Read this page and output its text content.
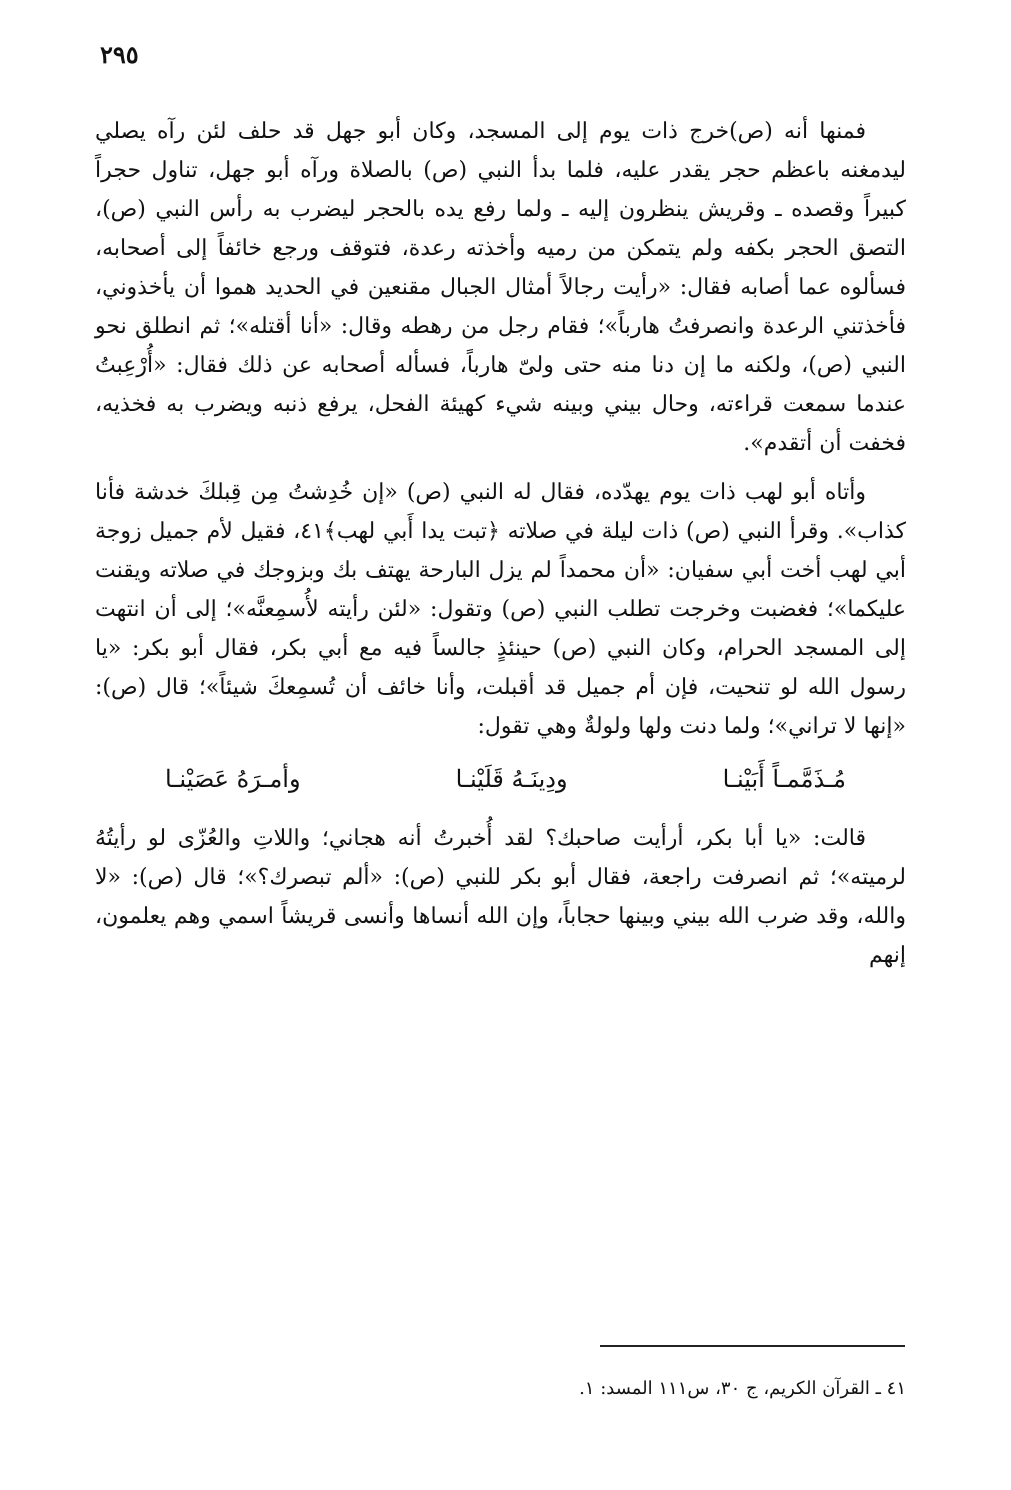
٢٩٥

فمنها أنه (ص)خرج ذات يوم إلى المسجد، وكان أبو جهل قد حلف لئن رآه يصلي ليدمغنه باعظم حجر يقدر عليه، فلما بدأ النبي (ص) بالصلاة ورآه أبو جهل، تناول حجراً كبيراً وقصده ـ وقريش ينظرون إليه ـ ولما رفع يده بالحجر ليضرب به رأس النبي (ص)، التصق الحجر بكفه ولم يتمكن من رميه وأخذته رعدة، فتوقف ورجع خائفاً إلى أصحابه، فسألوه عما أصابه فقال: «رأيت رجالاً أمثال الجبال مقنعين في الحديد هموا أن يأخذوني، فأخذتني الرعدة وانصرفتُ هارباً»؛ فقام رجل من رهطه وقال: «أنا أقتله»؛ ثم انطلق نحو النبي (ص)، ولكنه ما إن دنا منه حتى ولىّ هارباً، فسأله أصحابه عن ذلك فقال: «أُرْعِبتُ عندما سمعت قراءته، وحال بيني وبينه شيء كهيئة الفحل، يرفع ذنبه ويضرب به فخذيه، فخفت أن أتقدم».

وأتاه أبو لهب ذات يوم يهدّده، فقال له النبي (ص) «إن خُدِشتُ مِن قِبلكَ خدشة فأنا كذاب». وقرأ النبي (ص) ذات ليلة في صلاته ﴿تبت يدا أَبي لهب﴾٤١، فقيل لأم جميل زوجة أبي لهب أخت أبي سفيان: «أن محمداً لم يزل البارحة يهتف بك وبزوجك في صلاته ويقنت عليكما»؛ فغضبت وخرجت تطلب النبي (ص) وتقول: «لئن رأيته لأُسمِعنَّه»؛ إلى أن انتهت إلى المسجد الحرام، وكان النبي (ص) حينئذٍ جالساً فيه مع أبي بكر، فقال أبو بكر: «يا رسول الله لو تنحيت، فإن أم جميل قد أقبلت، وأنا خائف أن تُسمِعكَ شيئاً»؛ قال (ص): «إنها لا تراني»؛ ولما دنت ولها ولولةٌ وهي تقول:

مُـذَمَّمـاً أَبَيْنـا
ودِينَـهُ قَلَيْنـا
وأمـرَهُ عَصَيْنـا

قالت: «يا أبا بكر، أرأيت صاحبك؟ لقد أُخبرتُ أنه هجاني؛ واللاتِ والعُزّى لو رأيتُهُ لرميته»؛ ثم انصرفت راجعة، فقال أبو بكر للنبي (ص): «ألم تبصرك؟»؛ قال (ص): «لا والله، وقد ضرب الله بيني وبينها حجاباً، وإن الله أنساها وأنسى قريشاً اسمي وهم يعلمون، إنهم

٤١ ـ القرآن الكريم، ج ٣٠، س١١١ المسد: ١.
